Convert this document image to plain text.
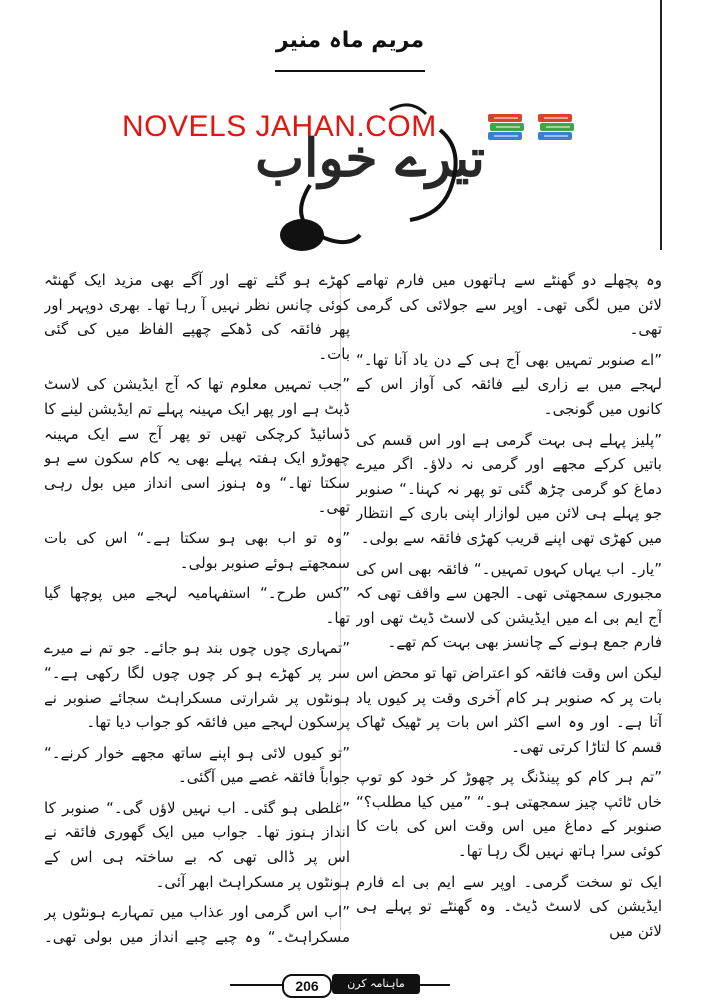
مریم ماہ منیر
تیرے خواب
NOVELS JAHAN.COM

وہ پچھلے دو گھنٹے سے ہاتھوں میں فارم تھامے لائن میں لگی تھی۔ اوپر سے جولائی کی گرمی تھی۔

”اے صنوبر تمہیں بھی آج ہی کے دن یاد آنا تھا۔“ لہجے میں بے زاری لیے فائقہ کی آواز اس کے کانوں میں گونجی۔

”پلیز پہلے ہی بہت گرمی ہے اور اس قسم کی باتیں کرکے مجھے اور گرمی نہ دلاؤ۔ اگر میرے دماغ کو گرمی چڑھ گئی تو پھر نہ کہنا۔“ صنوبر جو پہلے ہی لائن میں لوازار اپنی باری کے انتظار میں کھڑی تھی اپنے قریب کھڑی فائقہ سے بولی۔

”یار۔ اب یہاں کہوں تمہیں۔“ فائقہ بھی اس کی مجبوری سمجھتی تھی۔ الجھن سے واقف تھی کہ آج ایم بی اے میں ایڈیشن کی لاسٹ ڈیٹ تھی اور فارم جمع ہونے کے چانسز بھی بہت کم تھے۔

لیکن اس وقت فائقہ کو اعتراض تھا تو محض اس بات پر کہ صنوبر ہر کام آخری وقت پر کیوں یاد آتا ہے۔ اور وہ اسے اکثر اس بات پر ٹھیک ٹھاک قسم کا لتاڑا کرتی تھی۔

”تم ہر کام کو پینڈنگ پر چھوڑ کر خود کو توپ خاں ٹائپ چیز سمجھتی ہو۔“ ”میں کیا مطلب؟“ صنوبر کے دماغ میں اس وقت اس کی بات کا کوئی سرا ہاتھ نہیں لگ رہا تھا۔

ایک تو سخت گرمی۔ اوپر سے ایم بی اے فارم ایڈیشن کی لاسٹ ڈیٹ۔ وہ گھنٹے تو پہلے ہی لائن میں

کھڑے ہو گئے تھے اور آگے بھی مزید ایک گھنٹہ کوئی چانس نظر نہیں آ رہا تھا۔ بھری دوپہر اور پھر فائقہ کی ڈھکے چھپے الفاظ میں کی گئی بات۔

”جب تمہیں معلوم تھا کہ آج ایڈیشن کی لاسٹ ڈیٹ ہے اور پھر ایک مہینہ پہلے تم ایڈیشن لینے کا ڈسائیڈ کرچکی تھیں تو پھر آج سے ایک مہینہ چھوڑو ایک ہفتہ پہلے بھی یہ کام سکون سے ہو سکتا تھا۔“ وہ ہنوز اسی انداز میں بول رہی تھی۔

”وہ تو اب بھی ہو سکتا ہے۔“ اس کی بات سمجھتے ہوئے صنوبر بولی۔

”کس طرح۔“ استفہامیہ لہجے میں پوچھا گیا تھا۔

”تمہاری چوں چوں بند ہو جائے۔ جو تم نے میرے سر پر کھڑے ہو کر چوں چوں لگا رکھی ہے۔“ ہونٹوں پر شرارتی مسکراہٹ سجائے صنوبر نے پرسکون لہجے میں فائقہ کو جواب دیا تھا۔

”تو کیوں لائی ہو اپنے ساتھ مجھے خوار کرنے۔“ جواباً فائقہ غصے میں آگئی۔

”غلطی ہو گئی۔ اب نہیں لاؤں گی۔“ صنوبر کا انداز ہنوز تھا۔ جواب میں ایک گھوری فائقہ نے اس پر ڈالی تھی کہ بے ساختہ ہی اس کے ہونٹوں پر مسکراہٹ ابھر آئی۔

”اب اس گرمی اور عذاب میں تمہارے ہونٹوں پر مسکراہٹ۔“ وہ چبے چبے انداز میں بولی تھی۔

206	ماہنامہ کرن
